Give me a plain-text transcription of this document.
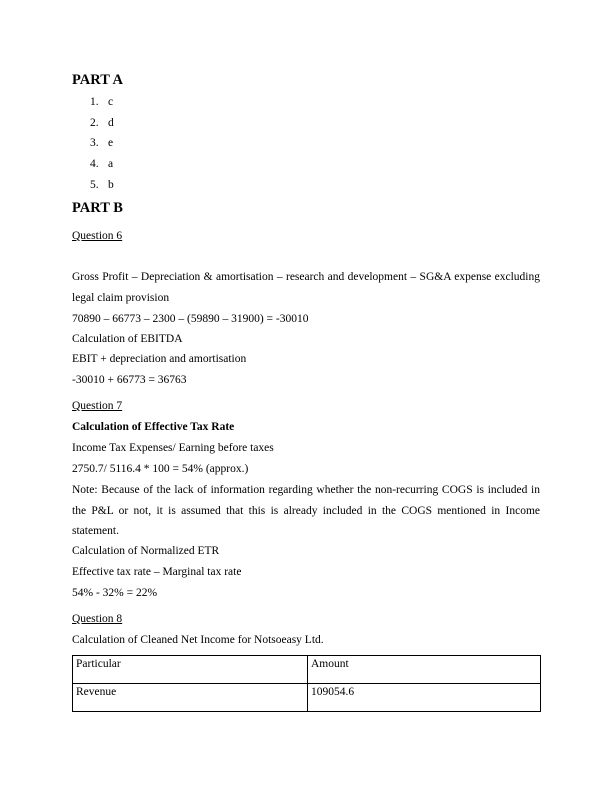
PART A
1. c
2. d
3. e
4. a
5. b
PART B
Question 6
Gross Profit – Depreciation & amortisation – research and development – SG&A expense excluding legal claim provision
70890 – 66773 – 2300 – (59890 – 31900) = -30010
Calculation of EBITDA
EBIT + depreciation and amortisation
-30010 + 66773 = 36763
Question 7
Calculation of Effective Tax Rate
Income Tax Expenses/ Earning before taxes
2750.7/ 5116.4 * 100 = 54% (approx.)
Note: Because of the lack of information regarding whether the non-recurring COGS is included in the P&L or not, it is assumed that this is already included in the COGS mentioned in Income statement.
Calculation of Normalized ETR
Effective tax rate – Marginal tax rate
54% - 32% = 22%
Question 8
Calculation of Cleaned Net Income for Notsoeasy Ltd.
Particular	Amount
Revenue	109054.6
